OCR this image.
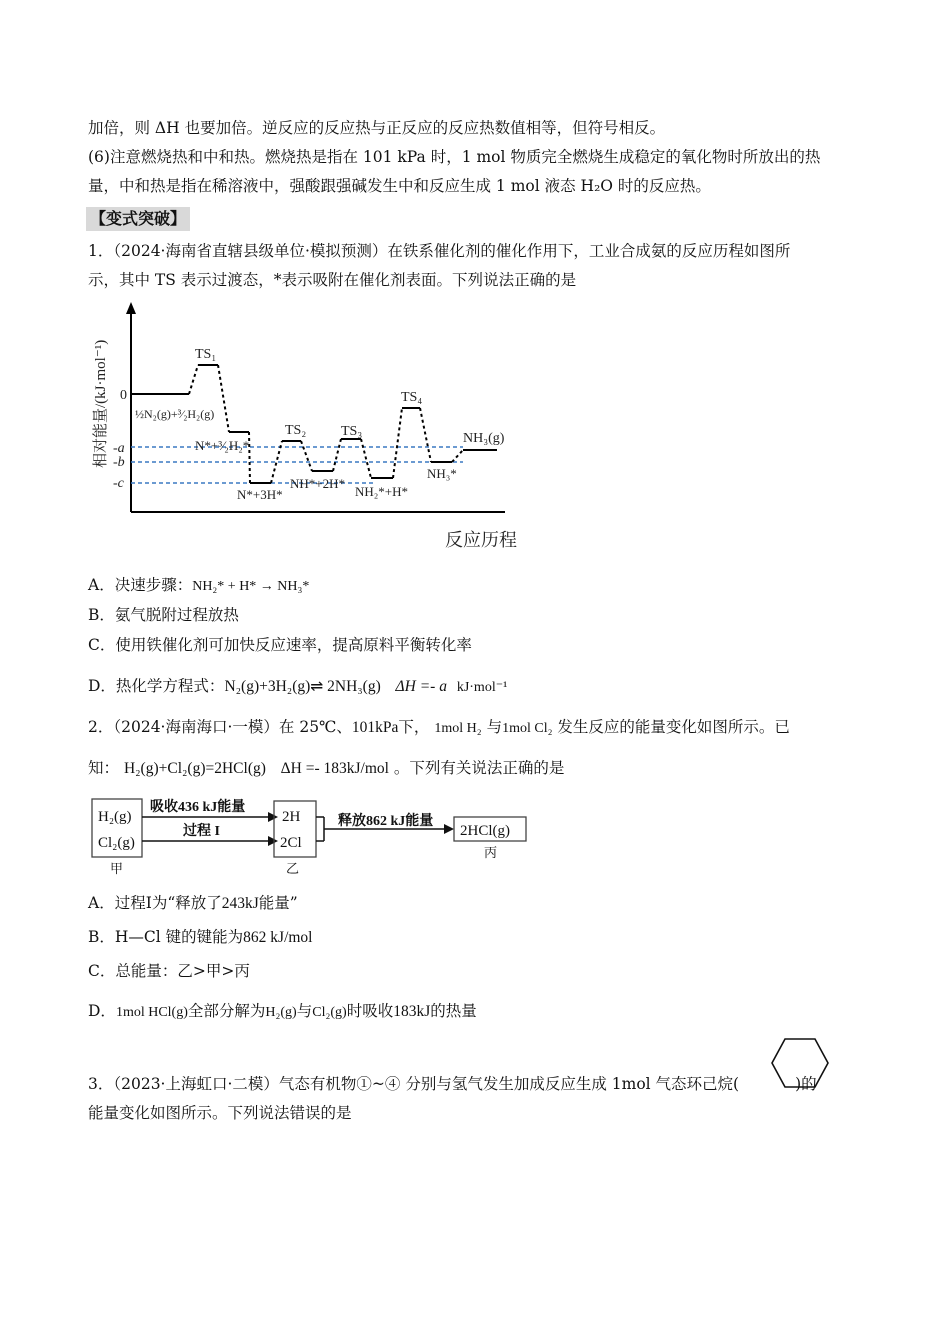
加倍，则 ΔH 也要加倍。逆反应的反应热与正反应的反应热数值相等，但符号相反。
(6)注意燃烧热和中和热。燃烧热是指在 101 kPa 时，1 mol 物质完全燃烧生成稳定的氧化物时所放出的热
量，中和热是指在稀溶液中，强酸跟强碱发生中和反应生成 1 mol 液态 H₂O 时的反应热。
【变式突破】
1．（2024·海南省直辖县级单位·模拟预测）在铁系催化剂的催化作用下，工业合成氨的反应历程如图所
示，其中 TS 表示过渡态，*表示吸附在催化剂表面。下列说法正确的是
相对能量/(kJ·mol⁻¹) 0
-a
-b
-c
TS₁
TS₂ TS₃
TS₄
NH₃(g)
½N₂(g)+³⁄₂H₂(g)
N*+³⁄₂H₂*
N*+3H*
NH*+2H*
NH₂*+H*
NH₃*
反应历程
A．决速步骤：NH₂* + H* → NH₃*
B．氨气脱附过程放热
C．使用铁催化剂可加快反应速率，提高原料平衡转化率
D．热化学方程式：N₂(g)+3H₂(g)⇌ 2NH₃(g) ΔH =- a kJ·mol⁻¹
2．（2024·海南海口·一模）在 25℃、101kPa下， 1mol H₂ 与1mol Cl₂ 发生反应的能量变化如图所示。已
知： H₂(g)+Cl₂(g)=2HCl(g) ΔH =- 183kJ/mol 。下列有关说法正确的是
H₂(g)
Cl₂(g)
甲
吸收436 kJ能量
过程 I
2H
2Cl
乙
释放862 kJ能量
2HCl(g)
丙
A．过程Ⅰ为“释放了243kJ能量”
B．H—Cl 键的键能为862 kJ/mol
C．总能量：乙>甲>丙
D．1mol HCl(g)全部分解为H₂(g)与Cl₂(g)时吸收183kJ的热量
3．（2023·上海虹口·二模）气态有机物①~④ 分别与氢气发生加成反应生成 1mol 气态环己烷(	)的
能量变化如图所示。下列说法错误的是
